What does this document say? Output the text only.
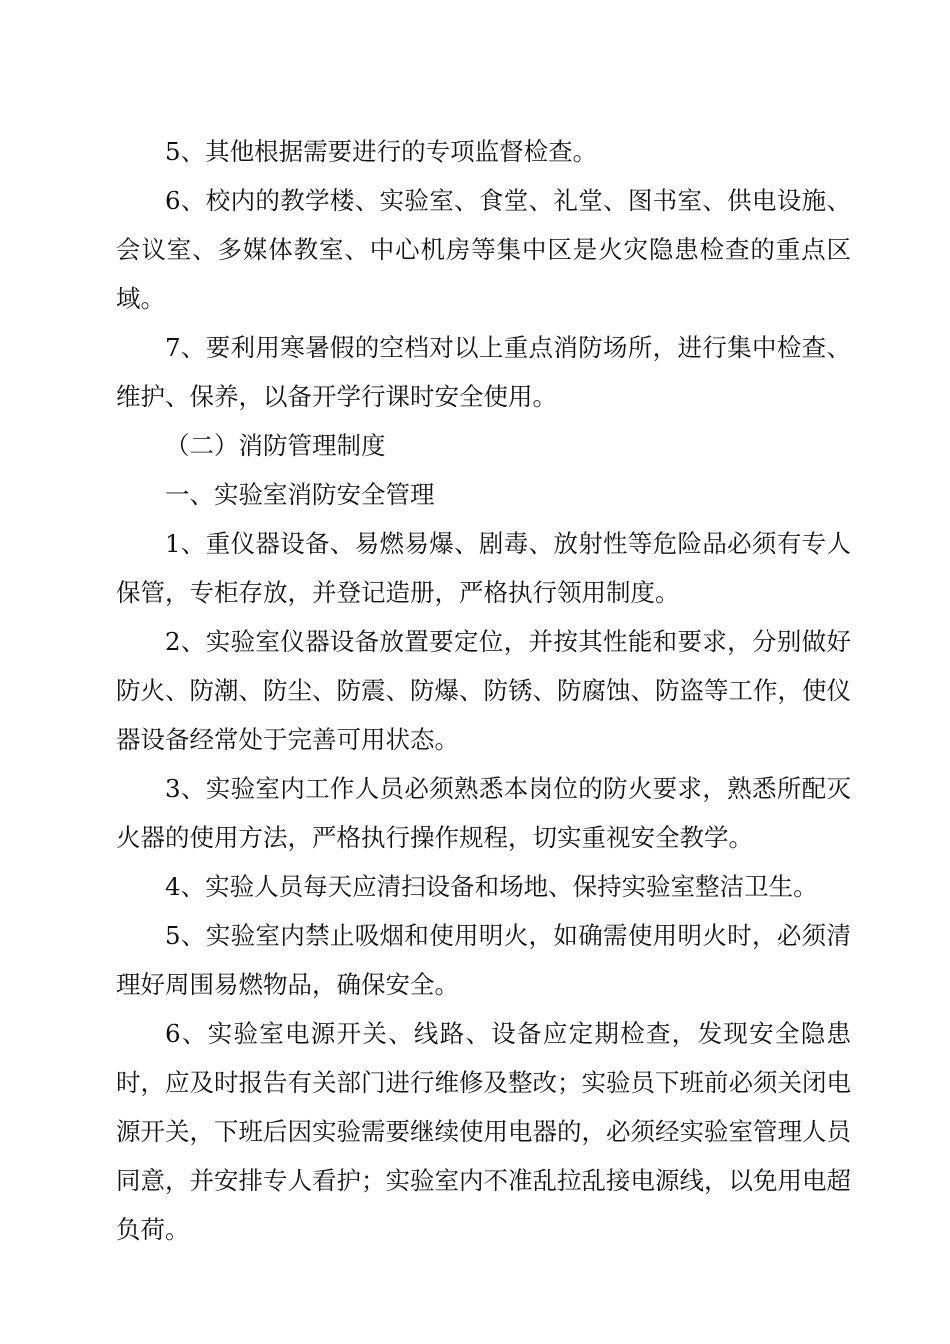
5、其他根据需要进行的专项监督检查。

6、校内的教学楼、实验室、食堂、礼堂、图书室、供电设施、会议室、多媒体教室、中心机房等集中区是火灾隐患检查的重点区域。

7、要利用寒暑假的空档对以上重点消防场所，进行集中检查、维护、保养，以备开学行课时安全使用。

（二）消防管理制度

一、实验室消防安全管理

1、重仪器设备、易燃易爆、剧毒、放射性等危险品必须有专人保管，专柜存放，并登记造册，严格执行领用制度。

2、实验室仪器设备放置要定位，并按其性能和要求，分别做好防火、防潮、防尘、防震、防爆、防锈、防腐蚀、防盗等工作，使仪器设备经常处于完善可用状态。

3、实验室内工作人员必须熟悉本岗位的防火要求，熟悉所配灭火器的使用方法，严格执行操作规程，切实重视安全教学。

4、实验人员每天应清扫设备和场地、保持实验室整洁卫生。

5、实验室内禁止吸烟和使用明火，如确需使用明火时，必须清理好周围易燃物品，确保安全。

6、实验室电源开关、线路、设备应定期检查，发现安全隐患时，应及时报告有关部门进行维修及整改；实验员下班前必须关闭电源开关，下班后因实验需要继续使用电器的，必须经实验室管理人员同意，并安排专人看护；实验室内不准乱拉乱接电源线，以免用电超负荷。
